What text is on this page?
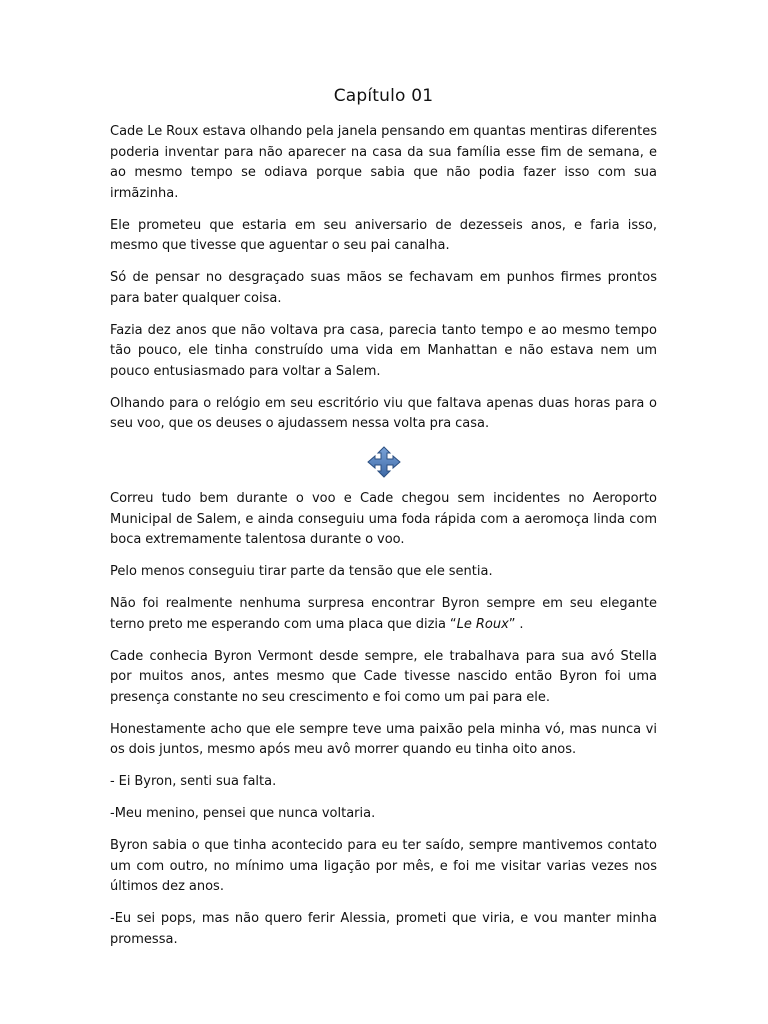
Capítulo 01

Cade Le Roux estava olhando pela janela pensando em quantas mentiras diferentes poderia inventar para não aparecer na casa da sua família esse fim de semana, e ao mesmo tempo se odiava porque sabia que não podia fazer isso com sua irmãzinha.

Ele prometeu que estaria em seu aniversario de dezesseis anos, e faria isso, mesmo que tivesse que aguentar o seu pai canalha.

Só de pensar no desgraçado suas mãos se fechavam em punhos firmes prontos para bater qualquer coisa.

Fazia dez anos que não voltava pra casa, parecia tanto tempo e ao mesmo tempo tão pouco, ele tinha construído uma vida em Manhattan e não estava nem um pouco entusiasmado para voltar a Salem.

Olhando para o relógio em seu escritório viu que faltava apenas duas horas para o seu voo, que os deuses o ajudassem nessa volta pra casa.

Correu tudo bem durante o voo e Cade chegou sem incidentes no Aeroporto Municipal de Salem, e ainda conseguiu uma foda rápida com a aeromoça linda com boca extremamente talentosa durante o voo.

Pelo menos conseguiu tirar parte da tensão que ele sentia.

Não foi realmente nenhuma surpresa encontrar Byron sempre em seu elegante terno preto me esperando com uma placa que dizia “Le Roux” .

Cade conhecia Byron Vermont desde sempre, ele trabalhava para sua avó Stella por muitos anos, antes mesmo que Cade tivesse nascido então Byron foi uma presença constante no seu crescimento e foi como um pai para ele.

Honestamente acho que ele sempre teve uma paixão pela minha vó, mas nunca vi os dois juntos, mesmo após meu avô morrer quando eu tinha oito anos.

- Ei Byron, senti sua falta.

-Meu menino, pensei que nunca voltaria.

Byron sabia o que tinha acontecido para eu ter saído, sempre mantivemos contato um com outro, no mínimo uma ligação por mês, e foi me visitar varias vezes nos últimos dez anos.

-Eu sei pops, mas não quero ferir Alessia, prometi que viria, e vou manter minha promessa.
